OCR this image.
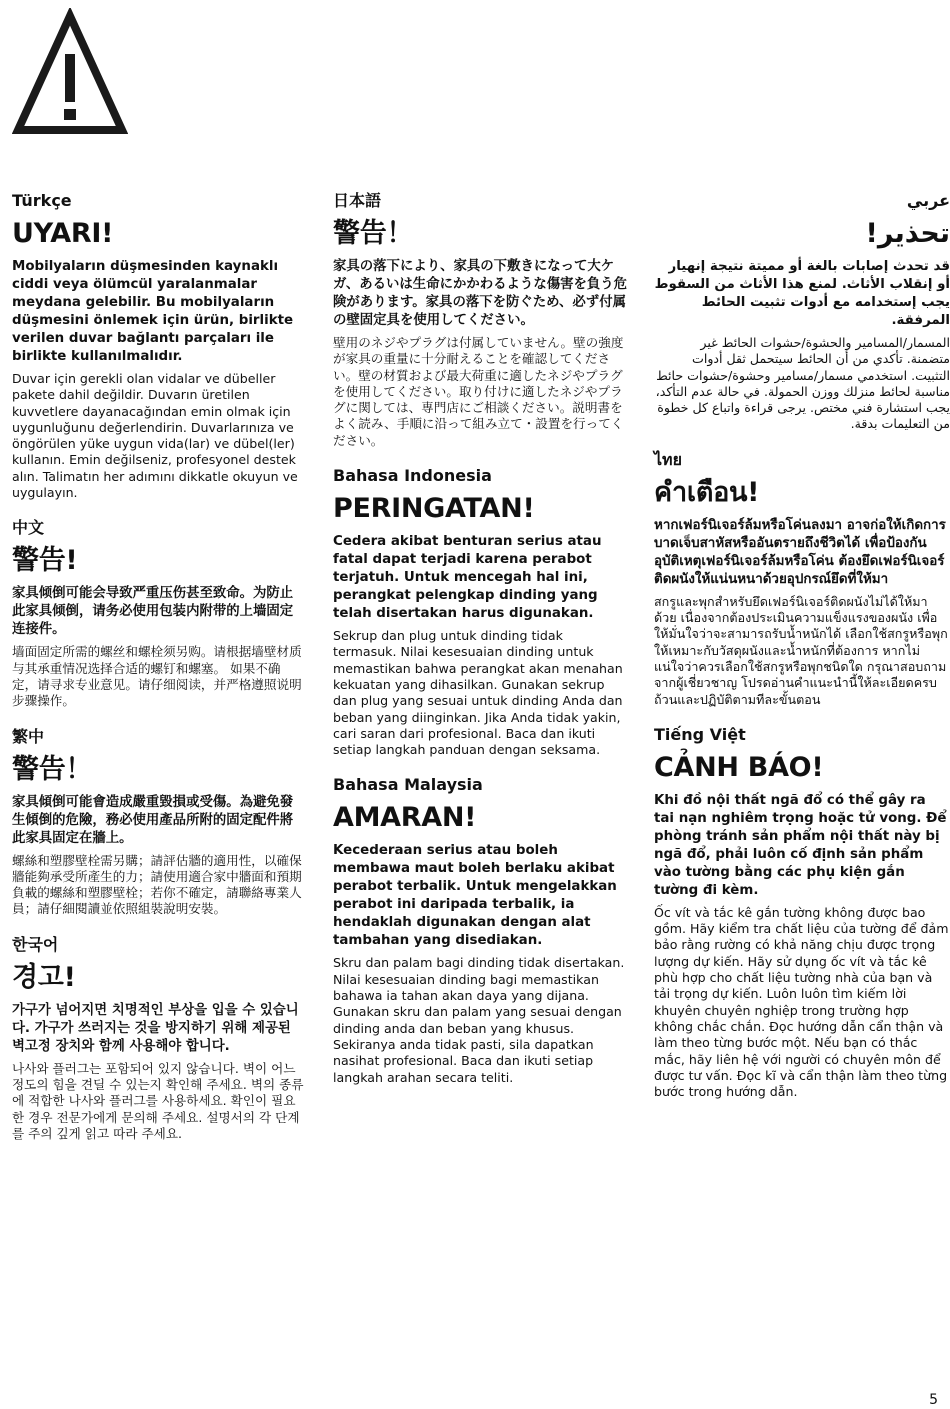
Türkçe
UYARI!
Mobilyaların düşmesinden kaynaklı ciddi veya ölümcül yaralanmalar meydana gelebilir. Bu mobilyaların düşmesini önlemek için ürün, birlikte verilen duvar bağlantı parçaları ile birlikte kullanılmalıdır.
Duvar için gerekli olan vidalar ve dübeller pakete dahil değildir. Duvarın üretilen kuvvetlere dayanacağından emin olmak için uygunluğunu değerlendirin. Duvarlarınıza ve öngörülen yüke uygun vida(lar) ve dübel(ler) kullanın. Emin değilseniz, profesyonel destek alın. Talimatın her adımını dikkatle okuyun ve uygulayın.
中文
警告!
家具倾倒可能会导致严重压伤甚至致命。为防止此家具倾倒，请务必使用包装内附带的上墙固定连接件。
墙面固定所需的螺丝和螺栓须另购。请根据墙壁材质与其承重情况选择合适的螺钉和螺塞。 如果不确定，请寻求专业意见。请仔细阅读，并严格遵照说明步骤操作。
繁中
警告！
家具傾倒可能會造成嚴重毀損或受傷。為避免發生傾倒的危險，務必使用產品所附的固定配件將此家具固定在牆上。
螺絲和塑膠壁栓需另購；請評估牆的適用性，以確保牆能夠承受所產生的力；請使用適合家中牆面和預期負載的螺絲和塑膠壁栓；若你不確定，請聯絡專業人員；請仔細閱讀並依照組裝說明安裝。
한국어
경고!
가구가 넘어지면 치명적인 부상을 입을 수 있습니다. 가구가 쓰러지는 것을 방지하기 위해 제공된 벽고정 장치와 함께 사용해야 합니다.
나사와 플러그는 포함되어 있지 않습니다. 벽이 어느 정도의 힘을 견딜 수 있는지 확인해 주세요. 벽의 종류에 적합한 나사와 플러그를 사용하세요. 확인이 필요한 경우 전문가에게 문의해 주세요. 설명서의 각 단계를 주의 깊게 읽고 따라 주세요.
日本語
警告！
家具の落下により、家具の下敷きになって大ケガ、あるいは生命にかかわるような傷害を負う危険があります。家具の落下を防ぐため、必ず付属の壁固定具を使用してください。
壁用のネジやプラグは付属していません。壁の強度が家具の重量に十分耐えることを確認してください。壁の材質および最大荷重に適したネジやプラグを使用してください。取り付けに適したネジやプラグに関しては、専門店にご相談ください。説明書をよく読み、手順に沿って組み立て・設置を行ってください。
Bahasa Indonesia
PERINGATAN!
Cedera akibat benturan serius atau fatal dapat terjadi karena perabot terjatuh. Untuk mencegah hal ini, perangkat pelengkap dinding yang telah disertakan harus digunakan.
Sekrup dan plug untuk dinding tidak termasuk. Nilai kesesuaian dinding untuk memastikan bahwa perangkat akan menahan kekuatan yang dihasilkan. Gunakan sekrup dan plug yang sesuai untuk dinding Anda dan beban yang diinginkan. Jika Anda tidak yakin, cari saran dari profesional. Baca dan ikuti setiap langkah panduan dengan seksama.
Bahasa Malaysia
AMARAN!
Kecederaan serius atau boleh membawa maut boleh berlaku akibat perabot terbalik. Untuk mengelakkan perabot ini daripada terbalik, ia hendaklah digunakan dengan alat tambahan yang disediakan.
Skru dan palam bagi dinding tidak disertakan. Nilai kesesuaian dinding bagi memastikan bahawa ia tahan akan daya yang dijana. Gunakan skru dan palam yang sesuai dengan dinding anda dan beban yang khusus. Sekiranya anda tidak pasti, sila dapatkan nasihat profesional. Baca dan ikuti setiap langkah arahan secara teliti.
عربي
تحذير!
قد تحدث إصابات بالغة أو مميتة نتيجة إنهيار أو إنقلاب الأثاث. لمنع هذا الأثاث من السقوط يجب إستخدامه مع أدوات تثبيت الحائط المرفقة.
المسمار/المسامير والحشوة/حشوات الحائط غير متضمنة. تأكدي من أن الحائط سيتحمل ثقل أدوات التثبيت. استخدمي مسمار/مسامير وحشوة/حشوات حائط مناسبة لحائط منزلك ووزن الحمولة. في حالة عدم التأكد، يجب استشارة فني مختص. يرجى قراءة واتباع كل خطوة من التعليمات بدقة.
ไทย
คำเตือน!
หากเฟอร์นิเจอร์ล้มหรือโค่นลงมา อาจก่อให้เกิดการบาดเจ็บสาหัสหรืออันตรายถึงชีวิตได้ เพื่อป้องกันอุบัติเหตุเฟอร์นิเจอร์ล้มหรือโค่น ต้องยึดเฟอร์นิเจอร์ติดผนังให้แน่นหนาด้วยอุปกรณ์ยึดที่ให้มา
สกรูและพุกสำหรับยึดเฟอร์นิเจอร์ติดผนังไม่ได้ให้มาด้วย เนื่องจากต้องประเมินความแข็งแรงของผนัง เพื่อให้มั่นใจว่าจะสามารถรับน้ำหนักได้ เลือกใช้สกรูหรือพุกให้เหมาะกับวัสดุผนังและน้ำหนักที่ต้องการ หากไม่แน่ใจว่าควรเลือกใช้สกรูหรือพุกชนิดใด กรุณาสอบถามจากผู้เชี่ยวชาญ โปรดอ่านคำแนะนำนี้ให้ละเอียดครบถ้วนและปฏิบัติตามทีละขั้นตอน
Tiếng Việt
CẢNH BÁO!
Khi đồ nội thất ngã đổ có thể gây ra tai nạn nghiêm trọng hoặc tử vong. Để phòng tránh sản phẩm nội thất này bị ngã đổ, phải luôn cố định sản phẩm vào tường bằng các phụ kiện gắn tường đi kèm.
Ốc vít và tắc kê gắn tường không được bao gồm. Hãy kiểm tra chất liệu của tường để đảm bảo rằng rường có khả năng chịu được trọng lượng dự kiến. Hãy sử dụng ốc vít và tắc kê phù hợp cho chất liệu tường nhà của bạn và tải trọng dự kiến. Luôn luôn tìm kiếm lời khuyên chuyên nghiệp trong trường hợp không chắc chắn. Đọc hướng dẫn cẩn thận và làm theo từng bước một. Nếu bạn có thắc mắc, hãy liên hệ với người có chuyên môn để được tư vấn. Đọc kĩ và cẩn thận làm theo từng bước trong hướng dẫn.
5
